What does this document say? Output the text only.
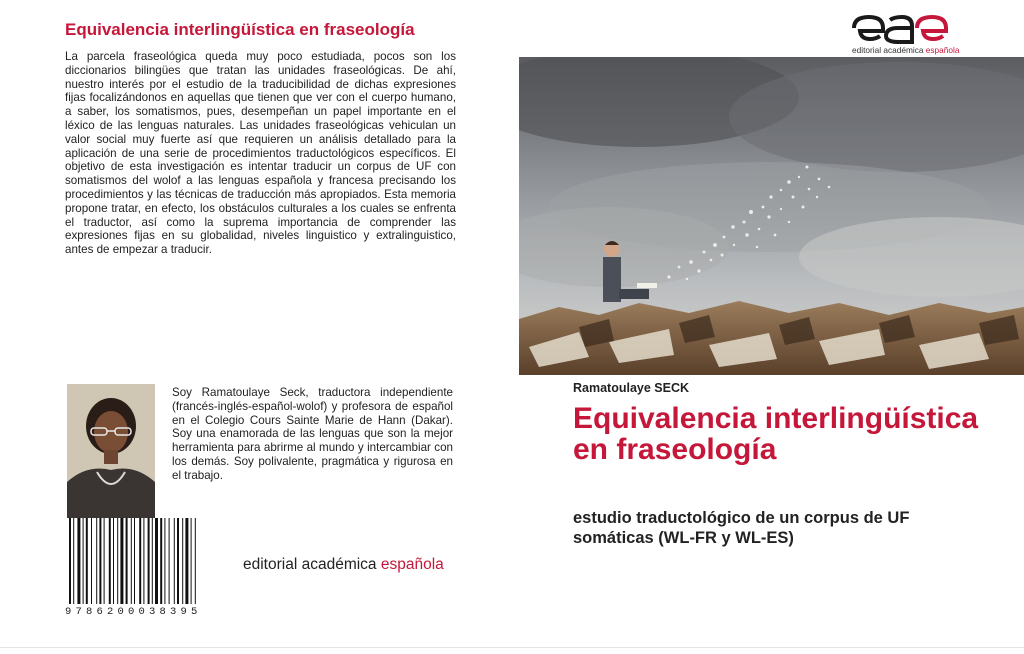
Equivalencia interlingüística en fraseología

La parcela fraseológica queda muy poco estudiada, pocos son los diccionarios bilingües que tratan las unidades fraseológicas. De ahí, nuestro interés por el estudio de la traducibilidad de dichas expresiones fijas focalizándonos en aquellas que tienen que ver con el cuerpo humano, a saber, los somatismos, pues, desempeñan un papel importante en el léxico de las lenguas naturales. Las unidades fraseológicas vehiculan un valor social muy fuerte así que requieren un análisis detallado para la aplicación de una serie de procedimientos traductológicos específicos. El objetivo de esta investigación es intentar traducir un corpus de UF con somatismos del wolof a las lenguas española y francesa precisando los procedimientos y las técnicas de traducción más apropiados. Esta memoria propone tratar, en efecto, los obstáculos culturales a los cuales se enfrenta el traductor, así como la suprema importancia de comprender las expresiones fijas en su globalidad, niveles linguistico y extralinguistico, antes de empezar a traducir.

Soy Ramatoulaye Seck, traductora independiente (francés-inglés-español-wolof) y profesora de español en el Colegio Cours Sainte Marie de Hann (Dakar). Soy una enamorada de las lenguas que son la mejor herramienta para abrirme al mundo y intercambiar con los demás. Soy polivalente, pragmática y rigurosa en el trabajo.

9786200038395
editorial académica española
editorial académica española
Ramatoulaye SECK
Equivalencia interlingüística en fraseología

estudio traductológico de un corpus de UF somáticas (WL-FR y WL-ES)
